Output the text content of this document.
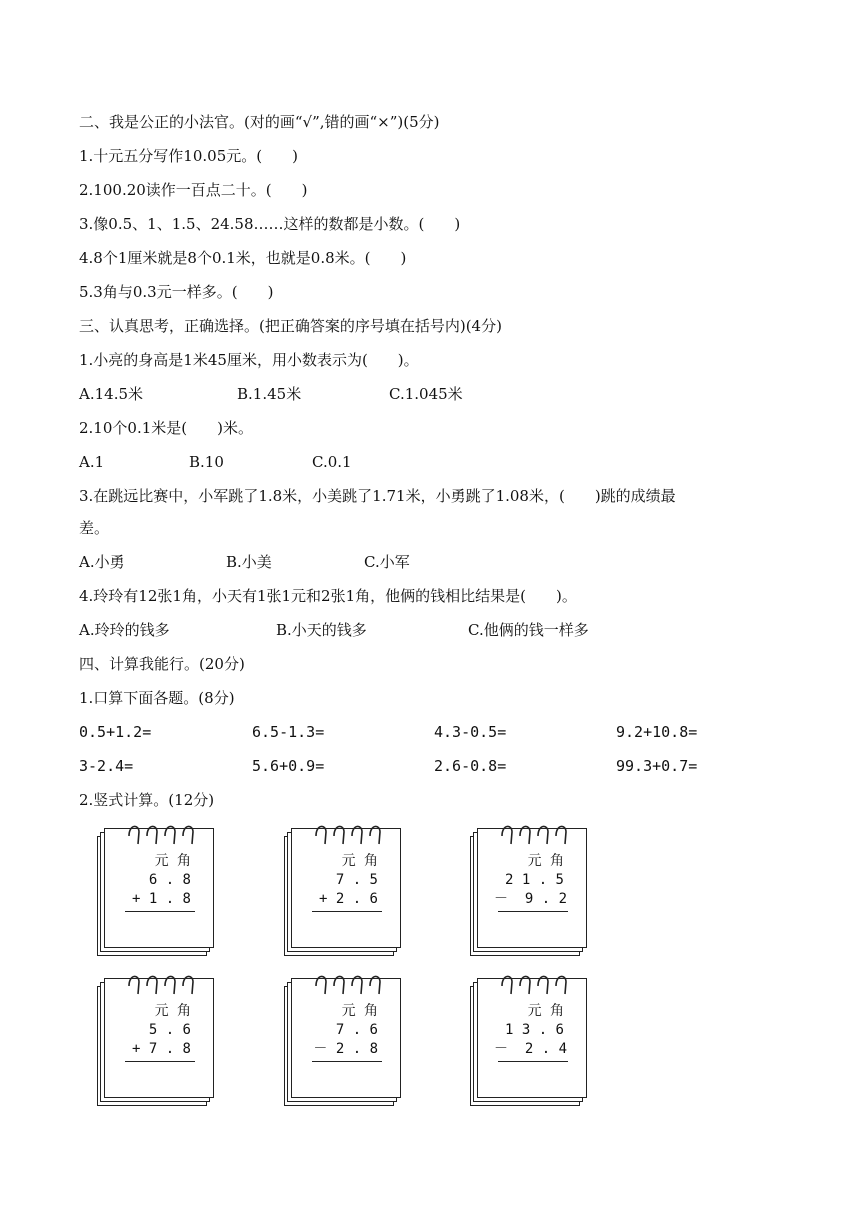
二、我是公正的小法官。(对的画“√”,错的画“×”)(5分)
1.十元五分写作10.05元。(　　)
2.100.20读作一百点二十。(　　)
3.像0.5、1、1.5、24.58……这样的数都是小数。(　　)
4.8个1厘米就是8个0.1米，也就是0.8米。(　　)
5.3角与0.3元一样多。(　　)
三、认真思考，正确选择。(把正确答案的序号填在括号内)(4分)
1.小亮的身高是1米45厘米，用小数表示为(　　)。
A.14.5米	B.1.45米	C.1.045米
2.10个0.1米是(　　)米。
A.1	B.10	C.0.1
3.在跳远比赛中，小军跳了1.8米，小美跳了1.71米，小勇跳了1.08米，(　　)跳的成绩最
差。
A.小勇	B.小美	C.小军
4.玲玲有12张1角，小天有1张1元和2张1角，他俩的钱相比结果是(　　)。
A.玲玲的钱多	B.小天的钱多	C.他俩的钱一样多
四、计算我能行。(20分)
1.口算下面各题。(8分)
0.5+1.2=	6.5-1.3=	4.3-0.5=	9.2+10.8=
3-2.4=	5.6+0.9=	2.6-0.8=	99.3+0.7=
2.竖式计算。(12分)
元 角
6 . 8
+ 1 . 8
元 角
7 . 5
+ 2 . 6
元 角
2 1 . 5
－  9 . 2
元 角
5 . 6
+ 7 . 8
元 角
7 . 6
－ 2 . 8
元 角
1 3 . 6
－  2 . 4
